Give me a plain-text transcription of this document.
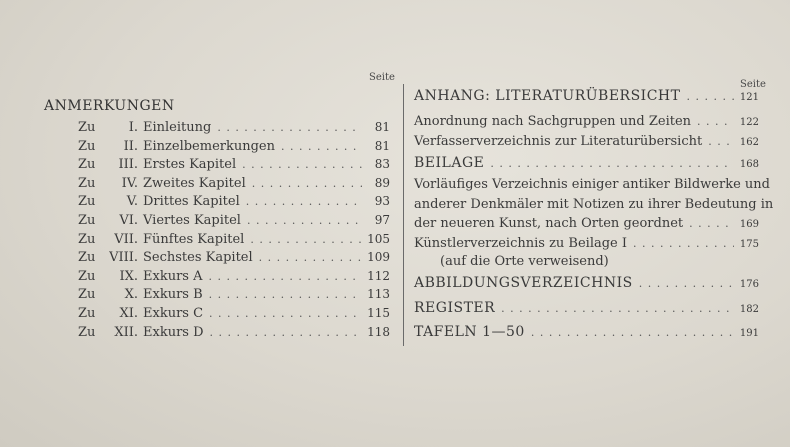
Seite
Seite
ANMERKUNGEN
Zu	I. Einleitung . . .	81
Zu	II. Einzelbemerkungen . . .	81
Zu	III. Erstes Kapitel . . .	83
Zu	IV. Zweites Kapitel . . .	89
Zu	V. Drittes Kapitel . . .	93
Zu	VI. Viertes Kapitel . . .	97
Zu	VII. Fünftes Kapitel . . .	105
Zu	VIII. Sechstes Kapitel . . .	109
Zu	IX. Exkurs A . . .	112
Zu	X. Exkurs B . . .	113
Zu	XI. Exkurs C . . .	115
Zu	XII. Exkurs D . . .	118
ANHANG: LITERATURÜBERSICHT . . .	121
Anordnung nach Sachgruppen und Zeiten . . .	122
Verfasserverzeichnis zur Literaturübersicht . . .	162
BEILAGE . . .	168
Vorläufiges Verzeichnis einiger antiker Bildwerke und
anderer Denkmäler mit Notizen zu ihrer Bedeutung in
der neueren Kunst, nach Orten geordnet . . .	169
Künstlerverzeichnis zu Beilage I . . .	175
(auf die Orte verweisend)
ABBILDUNGSVERZEICHNIS . . .	176
REGISTER . . .	182
TAFELN 1—50 . . .	191
